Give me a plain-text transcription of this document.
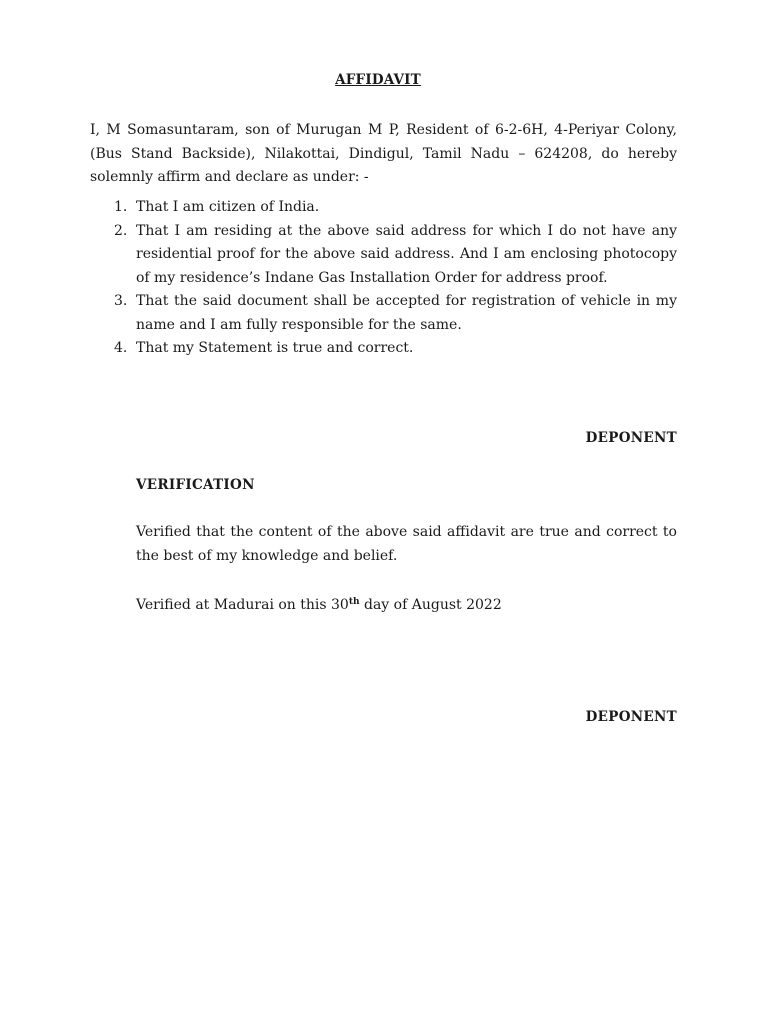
AFFIDAVIT

I, M Somasuntaram, son of Murugan M P, Resident of 6-2-6H, 4-Periyar Colony, (Bus Stand Backside), Nilakottai, Dindigul, Tamil Nadu – 624208, do hereby solemnly affirm and declare as under: -

1. That I am citizen of India.
2. That I am residing at the above said address for which I do not have any residential proof for the above said address. And I am enclosing photocopy of my residence’s Indane Gas Installation Order for address proof.
3. That the said document shall be accepted for registration of vehicle in my name and I am fully responsible for the same.
4. That my Statement is true and correct.
DEPONENT
VERIFICATION

Verified that the content of the above said affidavit are true and correct to the best of my knowledge and belief.

Verified at Madurai on this 30th day of August 2022

DEPONENT
